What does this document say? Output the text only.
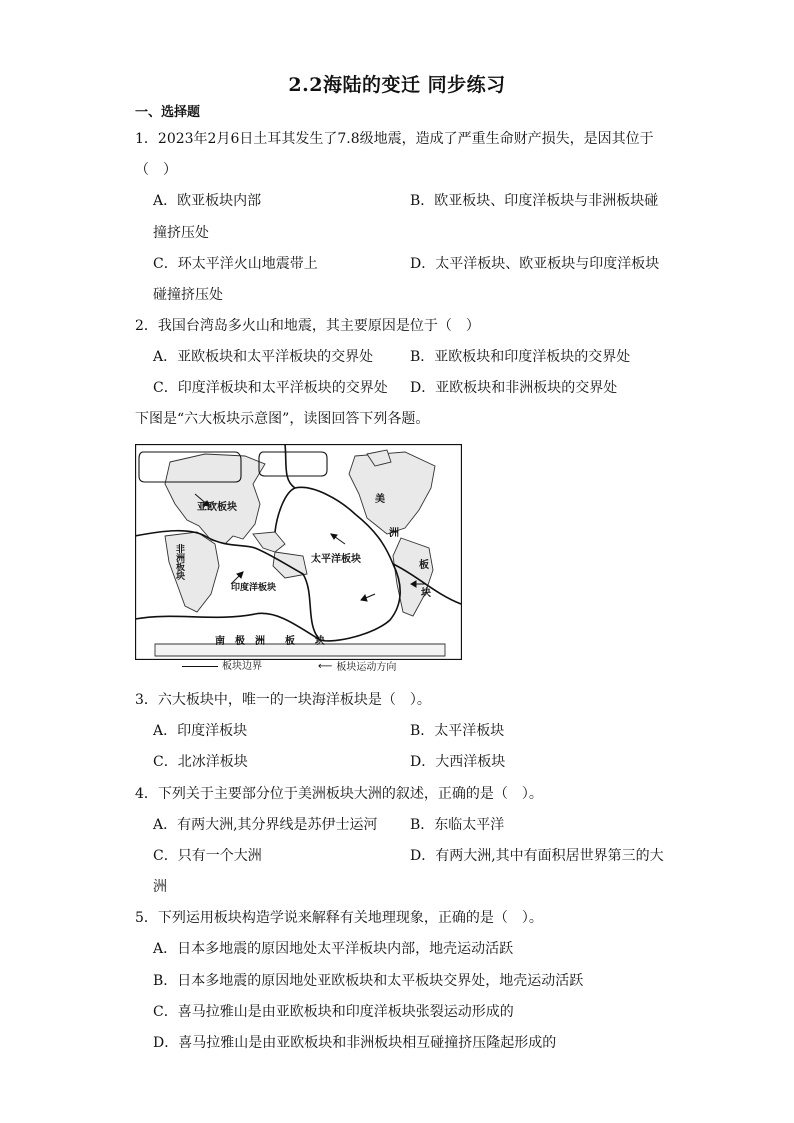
2.2海陆的变迁 同步练习
一、选择题
1．2023年2月6日土耳其发生了7.8级地震，造成了严重生命财产损失，是因其位于
（　）
A．欧亚板块内部	B．欧亚板块、印度洋板块与非洲板块碰
撞挤压处
C．环太平洋火山地震带上	D．太平洋板块、欧亚板块与印度洋板块
碰撞挤压处
2．我国台湾岛多火山和地震，其主要原因是位于（　）
A．亚欧板块和太平洋板块的交界处	B．亚欧板块和印度洋板块的交界处
C．印度洋板块和太平洋板块的交界处 D．亚欧板块和非洲板块的交界处
下图是“六大板块示意图”，读图回答下列各题。
亚欧板块
太平洋板块
印度洋板块
美
洲
板
块
南　极　洲　　板　　块
非洲板块
板块边界	⟵ 板块运动方向
3．六大板块中，唯一的一块海洋板块是（　）。
A．印度洋板块	B．太平洋板块
C．北冰洋板块	D．大西洋板块
4．下列关于主要部分位于美洲板块大洲的叙述，正确的是（　）。
A．有两大洲,其分界线是苏伊士运河 B．东临太平洋
C．只有一个大洲	D．有两大洲,其中有面积居世界第三的大
洲
5．下列运用板块构造学说来解释有关地理现象，正确的是（　）。
A．日本多地震的原因地处太平洋板块内部，地壳运动活跃
B．日本多地震的原因地处亚欧板块和太平板块交界处，地壳运动活跃
C．喜马拉雅山是由亚欧板块和印度洋板块张裂运动形成的
D．喜马拉雅山是由亚欧板块和非洲板块相互碰撞挤压隆起形成的
